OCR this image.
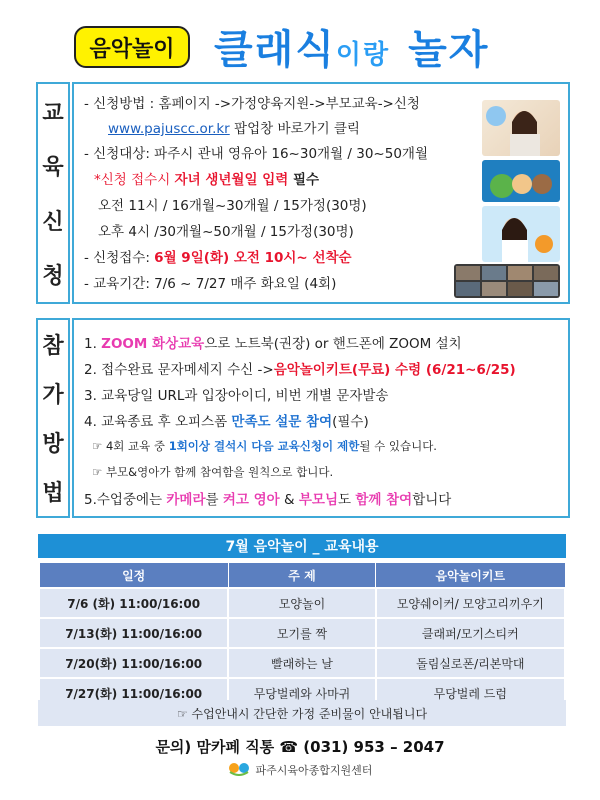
음악놀이 클래식이랑 놀자
교
육
신
청
참
가
방
법
- 신청방법 : 홈페이지 ->가정양육지원->부모교육->신청
www.pajuscc.or.kr 팝업창 바로가기 클릭
- 신청대상: 파주시 관내 영유아 16~30개월 / 30~50개월
*신청 접수시 자녀 생년월일 입력 필수
오전 11시 / 16개월~30개월 / 15가정(30명)
오후 4시 /30개월~50개월 / 15가정(30명)
- 신청접수: 6월 9일(화) 오전 10시~ 선착순
- 교육기간: 7/6 ~ 7/27 매주 화요일 (4회)
1. ZOOM 화상교육으로 노트북(권장) or 핸드폰에 ZOOM 설치
2. 접수완료 문자메세지 수신 ->음악놀이키트(무료) 수령 (6/21~6/25)
3. 교육당일 URL과 입장아이디, 비번 개별 문자발송
4. 교육종료 후 오피스폼 만족도 설문 참여(필수)
☞ 4회 교육 중 1회이상 결석시 다음 교육신청이 제한될 수 있습니다.
☞ 부모&영아가 함께 참여함을 원칙으로 합니다.
5.수업중에는 카메라를 켜고 영아 & 부모님도 함께 참여합니다
7월 음악놀이 _ 교육내용
일정	주 제	음악놀이키트
7/6 (화) 11:00/16:00	모양놀이	모양쉐이커/ 모양고리끼우기
7/13(화) 11:00/16:00	모기를 짝	클래퍼/모기스티커
7/20(화) 11:00/16:00	빨래하는 날	돌림실로폰/리본막대
7/27(화) 11:00/16:00	무당벌레와 사마귀	무당벌레 드럼
☞ 수업안내시 간단한 가정 준비물이 안내됩니다
문의) 맘카페 직통 ☎ (031) 953 – 2047
파주시육아종합지원센터
